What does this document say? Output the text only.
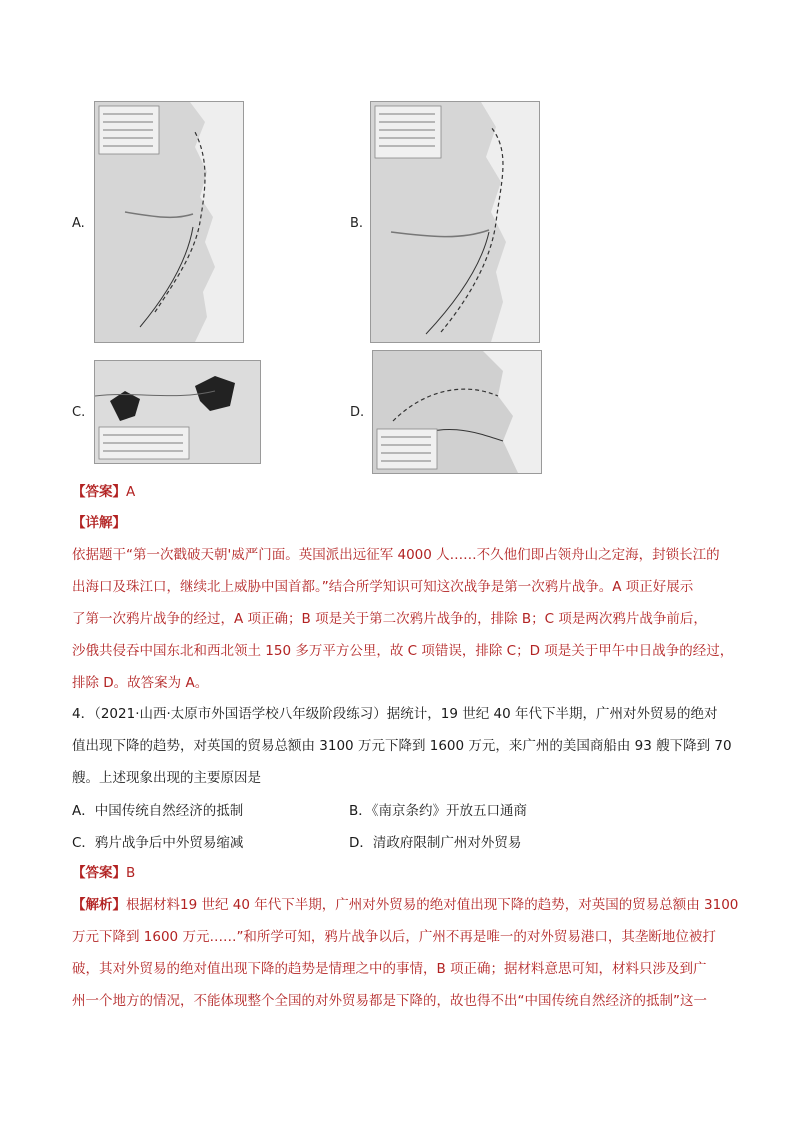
A.	B.
C.	D.
【答案】A
【详解】
依据题干“第一次戳破天朝'威严门面。英国派出远征军 4000 人……不久他们即占领舟山之定海，封锁长江的
出海口及珠江口，继续北上威胁中国首都。”结合所学知识可知这次战争是第一次鸦片战争。A 项正好展示
了第一次鸦片战争的经过，A 项正确；B 项是关于第二次鸦片战争的，排除 B；C 项是两次鸦片战争前后，
沙俄共侵吞中国东北和西北领土 150 多万平方公里，故 C 项错误，排除 C；D 项是关于甲午中日战争的经过，
排除 D。故答案为 A。
4．（2021·山西·太原市外国语学校八年级阶段练习）据统计，19 世纪 40 年代下半期，广州对外贸易的绝对
值出现下降的趋势，对英国的贸易总额由 3100 万元下降到 1600 万元，来广州的美国商船由 93 艘下降到 70
艘。上述现象出现的主要原因是
A．中国传统自然经济的抵制	B．《南京条约》开放五口通商
C．鸦片战争后中外贸易缩减	D．清政府限制广州对外贸易
【答案】B
【解析】根据材料19 世纪 40 年代下半期，广州对外贸易的绝对值出现下降的趋势，对英国的贸易总额由 3100
万元下降到 1600 万元……”和所学可知，鸦片战争以后，广州不再是唯一的对外贸易港口，其垄断地位被打
破，其对外贸易的绝对值出现下降的趋势是情理之中的事情，B 项正确；据材料意思可知，材料只涉及到广
州一个地方的情况，不能体现整个全国的对外贸易都是下降的，故也得不出“中国传统自然经济的抵制”这一
